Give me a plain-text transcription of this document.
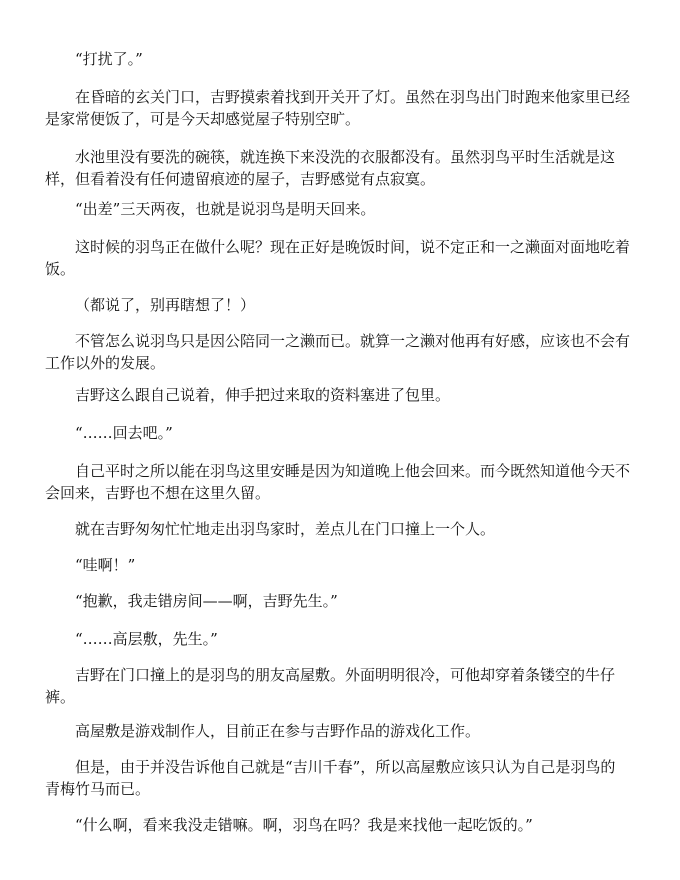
“打扰了。”

在昏暗的玄关门口，吉野摸索着找到开关开了灯。虽然在羽鸟出门时跑来他家里已经是家常便饭了，可是今天却感觉屋子特别空旷。

水池里没有要洗的碗筷，就连换下来没洗的衣服都没有。虽然羽鸟平时生活就是这样，但看着没有任何遗留痕迹的屋子，吉野感觉有点寂寞。

“出差”三天两夜，也就是说羽鸟是明天回来。

这时候的羽鸟正在做什么呢？现在正好是晚饭时间，说不定正和一之濑面对面地吃着饭。

（都说了，别再瞎想了！）

不管怎么说羽鸟只是因公陪同一之濑而已。就算一之濑对他再有好感，应该也不会有工作以外的发展。

吉野这么跟自己说着，伸手把过来取的资料塞进了包里。

“……回去吧。”

自己平时之所以能在羽鸟这里安睡是因为知道晚上他会回来。而今既然知道他今天不会回来，吉野也不想在这里久留。

就在吉野匆匆忙忙地走出羽鸟家时，差点儿在门口撞上一个人。

“哇啊！”

“抱歉，我走错房间——啊，吉野先生。”

“……高层敷，先生。”

吉野在门口撞上的是羽鸟的朋友高屋敷。外面明明很冷，可他却穿着条镂空的牛仔裤。

高屋敷是游戏制作人，目前正在参与吉野作品的游戏化工作。

但是，由于并没告诉他自己就是“吉川千春”，所以高屋敷应该只认为自己是羽鸟的青梅竹马而已。

“什么啊，看来我没走错嘛。啊，羽鸟在吗？我是来找他一起吃饭的。”
